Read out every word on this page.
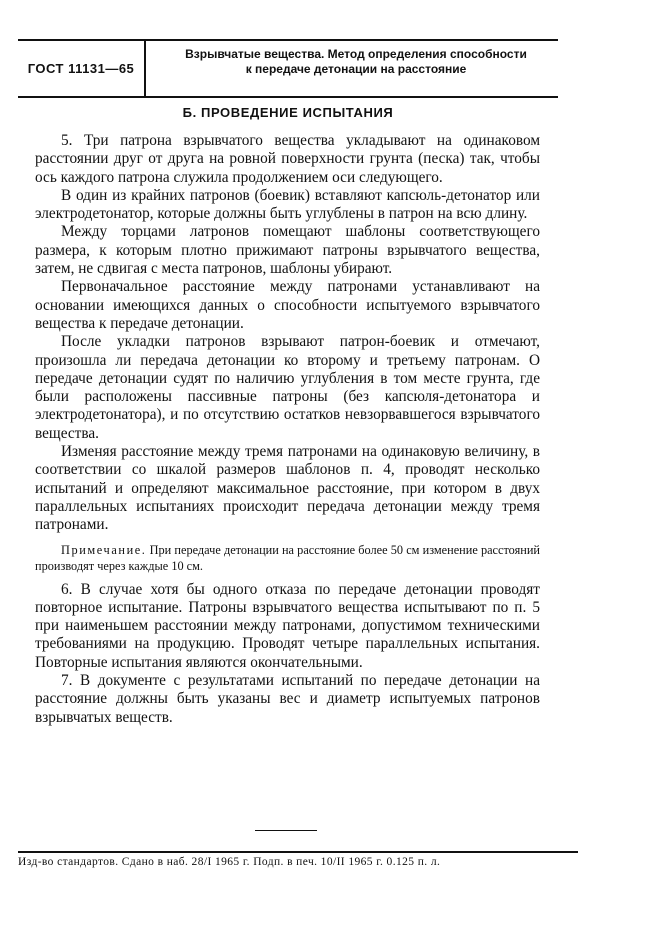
ГОСТ 11131—65
Взрывчатые вещества. Метод определения способности
к передаче детонации на расстояние
Б. ПРОВЕДЕНИЕ ИСПЫТАНИЯ

5. Три патрона взрывчатого вещества укладывают на одинаковом расстоянии друг от друга на ровной поверхности грунта (песка) так, чтобы ось каждого патрона служила продолжением оси следующего.

В один из крайних патронов (боевик) вставляют капсюль-детонатор или электродетонатор, которые должны быть углублены в патрон на всю длину.

Между торцами латронов помещают шаблоны соответствующего размера, к которым плотно прижимают патроны взрывчатого вещества, затем, не сдвигая с места патронов, шаблоны убирают.

Первоначальное расстояние между патронами устанавливают на основании имеющихся данных о способности испытуемого взрывчатого вещества к передаче детонации.

После укладки патронов взрывают патрон-боевик и отмечают, произошла ли передача детонации ко второму и третьему патронам. О передаче детонации судят по наличию углубления в том месте грунта, где были расположены пассивные патроны (без капсюля-детонатора и электродетонатора), и по отсутствию остатков невзорвавшегося взрывчатого вещества.

Изменяя расстояние между тремя патронами на одинаковую величину, в соответствии со шкалой размеров шаблонов п. 4, проводят несколько испытаний и определяют максимальное расстояние, при котором в двух параллельных испытаниях происходит передача детонации между тремя патронами.

Примечание. При передаче детонации на расстояние более 50 см изменение расстояний производят через каждые 10 см.

6. В случае хотя бы одного отказа по передаче детонации проводят повторное испытание. Патроны взрывчатого вещества испытывают по п. 5 при наименьшем расстоянии между патронами, допустимом техническими требованиями на продукцию. Проводят четыре параллельных испытания. Повторные испытания являются окончательными.

7. В документе с результатами испытаний по передаче детонации на расстояние должны быть указаны вес и диаметр испытуемых патронов взрывчатых веществ.

Изд-во стандартов. Сдано в наб. 28/I 1965 г. Подп. в печ. 10/II 1965 г. 0.125 п. л.
